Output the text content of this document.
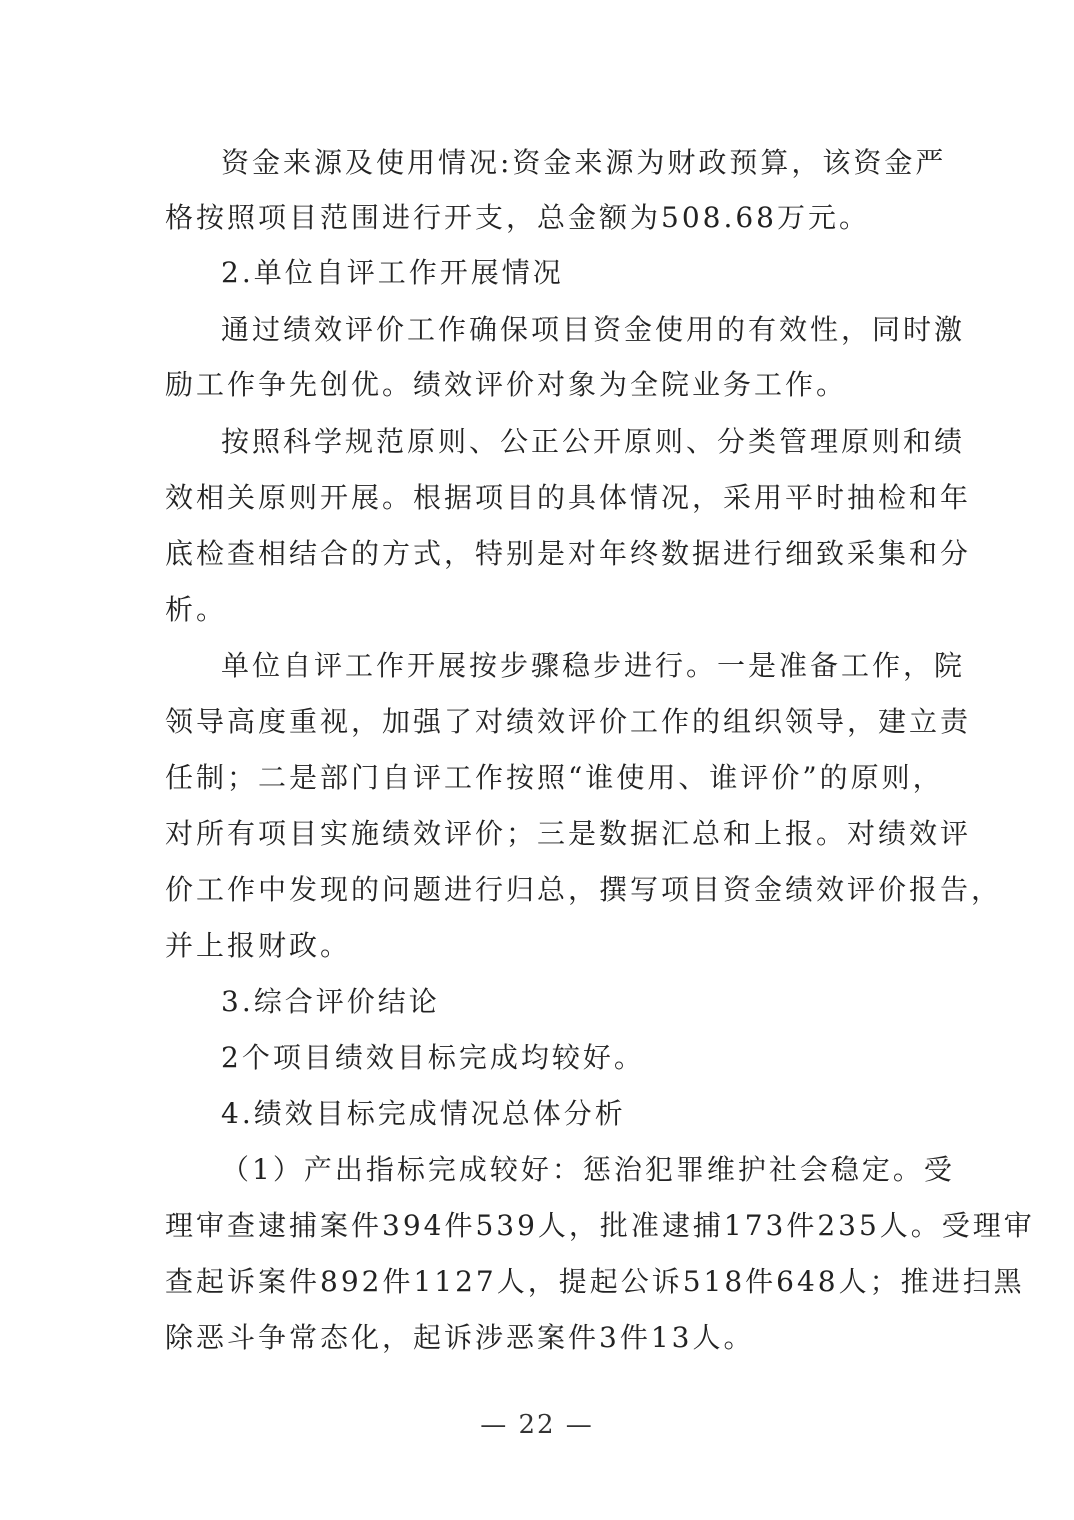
资金来源及使用情况:资金来源为财政预算，该资金严

格按照项目范围进行开支，总金额为508.68万元。

2.单位自评工作开展情况

通过绩效评价工作确保项目资金使用的有效性，同时激

励工作争先创优。绩效评价对象为全院业务工作。

按照科学规范原则、公正公开原则、分类管理原则和绩

效相关原则开展。根据项目的具体情况，采用平时抽检和年

底检查相结合的方式，特别是对年终数据进行细致采集和分

析。

单位自评工作开展按步骤稳步进行。一是准备工作，院

领导高度重视，加强了对绩效评价工作的组织领导，建立责

任制；二是部门自评工作按照“谁使用、谁评价”的原则，

对所有项目实施绩效评价；三是数据汇总和上报。对绩效评

价工作中发现的问题进行归总，撰写项目资金绩效评价报告，

并上报财政。

3.综合评价结论

2个项目绩效目标完成均较好。

4.绩效目标完成情况总体分析

（1）产出指标完成较好：惩治犯罪维护社会稳定。受

理审查逮捕案件394件539人，批准逮捕173件235人。受理审

查起诉案件892件1127人，提起公诉518件648人；推进扫黑

除恶斗争常态化，起诉涉恶案件3件13人。

— 22 —
